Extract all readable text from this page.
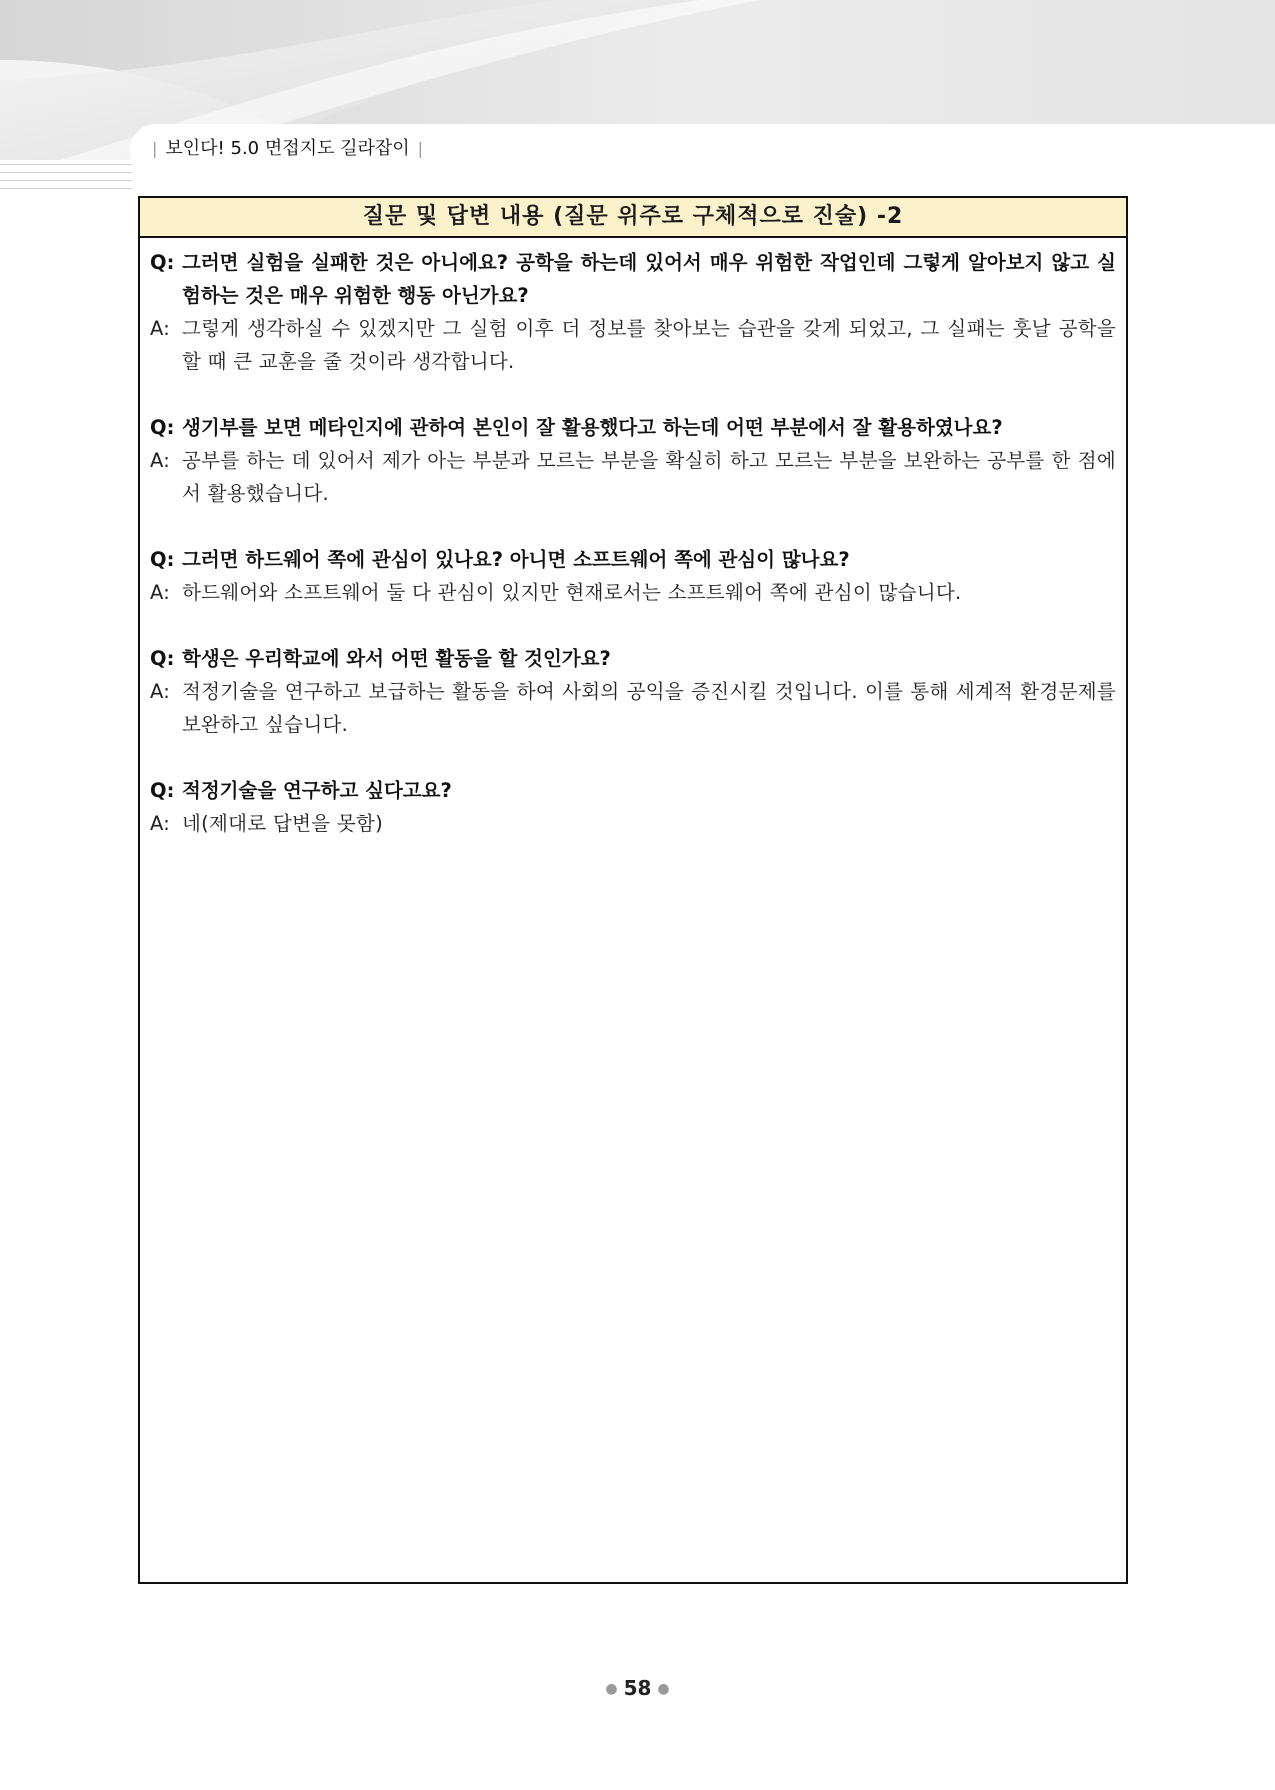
| 보인다! 5.0 면접지도 길라잡이 |
질문 및 답변 내용 (질문 위주로 구체적으로 진술) -2
Q: 그러면 실험을 실패한 것은 아니에요? 공학을 하는데 있어서 매우 위험한 작업인데 그렇게 알아보지 않고 실험하는 것은 매우 위험한 행동 아닌가요?
A: 그렇게 생각하실 수 있겠지만 그 실험 이후 더 정보를 찾아보는 습관을 갖게 되었고, 그 실패는 훗날 공학을 할 때 큰 교훈을 줄 것이라 생각합니다.
Q: 생기부를 보면 메타인지에 관하여 본인이 잘 활용했다고 하는데 어떤 부분에서 잘 활용하였나요?
A: 공부를 하는 데 있어서 제가 아는 부분과 모르는 부분을 확실히 하고 모르는 부분을 보완하는 공부를 한 점에서 활용했습니다.
Q: 그러면 하드웨어 쪽에 관심이 있나요? 아니면 소프트웨어 쪽에 관심이 많나요?
A: 하드웨어와 소프트웨어 둘 다 관심이 있지만 현재로서는 소프트웨어 쪽에 관심이 많습니다.
Q: 학생은 우리학교에 와서 어떤 활동을 할 것인가요?
A: 적정기술을 연구하고 보급하는 활동을 하여 사회의 공익을 증진시킬 것입니다. 이를 통해 세계적 환경문제를 보완하고 싶습니다.
Q: 적정기술을 연구하고 싶다고요?
A: 네(제대로 답변을 못함)
● 58 ●
